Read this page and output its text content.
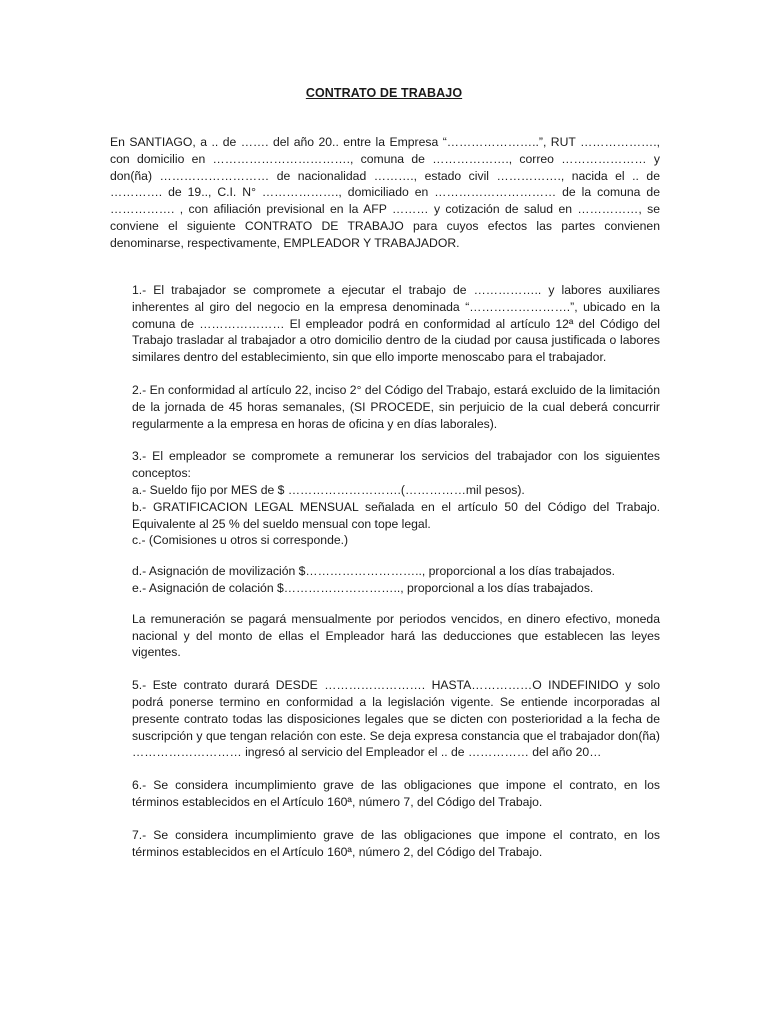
CONTRATO DE TRABAJO

En SANTIAGO, a .. de ……. del año 20.. entre la Empresa “…………………..”, RUT ………………., con domicilio en ……………………………., comuna de ………………., correo ………………… y don(ña) ……………………… de nacionalidad ………., estado civil ……………., nacida el .. de …………. de 19.., C.I. N° ………………., domiciliado en ………………………… de la comuna de ……………. , con afiliación previsional en la AFP ……… y cotización de salud en ……………, se conviene el siguiente CONTRATO DE TRABAJO para cuyos efectos las partes convienen denominarse, respectivamente, EMPLEADOR Y TRABAJADOR.

1.- El trabajador se compromete a ejecutar el trabajo de …………….. y labores auxiliares inherentes al giro del negocio en la empresa denominada “…………………….”, ubicado en la comuna de ………………… El empleador podrá en conformidad al artículo 12ª del Código del Trabajo trasladar al trabajador a otro domicilio dentro de la ciudad por causa justificada o labores similares dentro del establecimiento, sin que ello importe menoscabo para el trabajador.

2.- En conformidad al artículo 22, inciso 2° del Código del Trabajo, estará excluido de la limitación de la jornada de 45 horas semanales, (SI PROCEDE, sin perjuicio de la cual deberá concurrir regularmente a la empresa en horas de oficina y en días laborales).

3.- El empleador se compromete a remunerar los servicios del trabajador con los siguientes conceptos:
a.- Sueldo fijo por MES de $ ……………………….(……………mil pesos).
b.- GRATIFICACION LEGAL MENSUAL señalada en el artículo 50 del Código del Trabajo. Equivalente al 25 % del sueldo mensual con tope legal.
c.- (Comisiones u otros si corresponde.)
d.- Asignación de movilización $……………………….., proporcional a los días trabajados.
e.- Asignación de colación $……………………….., proporcional a los días trabajados.
La remuneración se pagará mensualmente por periodos vencidos, en dinero efectivo, moneda nacional y del monto de ellas el Empleador hará las deducciones que establecen las leyes vigentes.

5.- Este contrato durará DESDE ……………………. HASTA……………O INDEFINIDO y solo podrá ponerse termino en conformidad a la legislación vigente. Se entiende incorporadas al presente contrato todas las disposiciones legales que se dicten con posterioridad a la fecha de suscripción y que tengan relación con este. Se deja expresa constancia que el trabajador don(ña) ……………………… ingresó al servicio del Empleador el .. de …………… del año 20…

6.- Se considera incumplimiento grave de las obligaciones que impone el contrato, en los términos establecidos en el Artículo 160ª, número 7, del Código del Trabajo.

7.- Se considera incumplimiento grave de las obligaciones que impone el contrato, en los términos establecidos en el Artículo 160ª, número 2, del Código del Trabajo.
